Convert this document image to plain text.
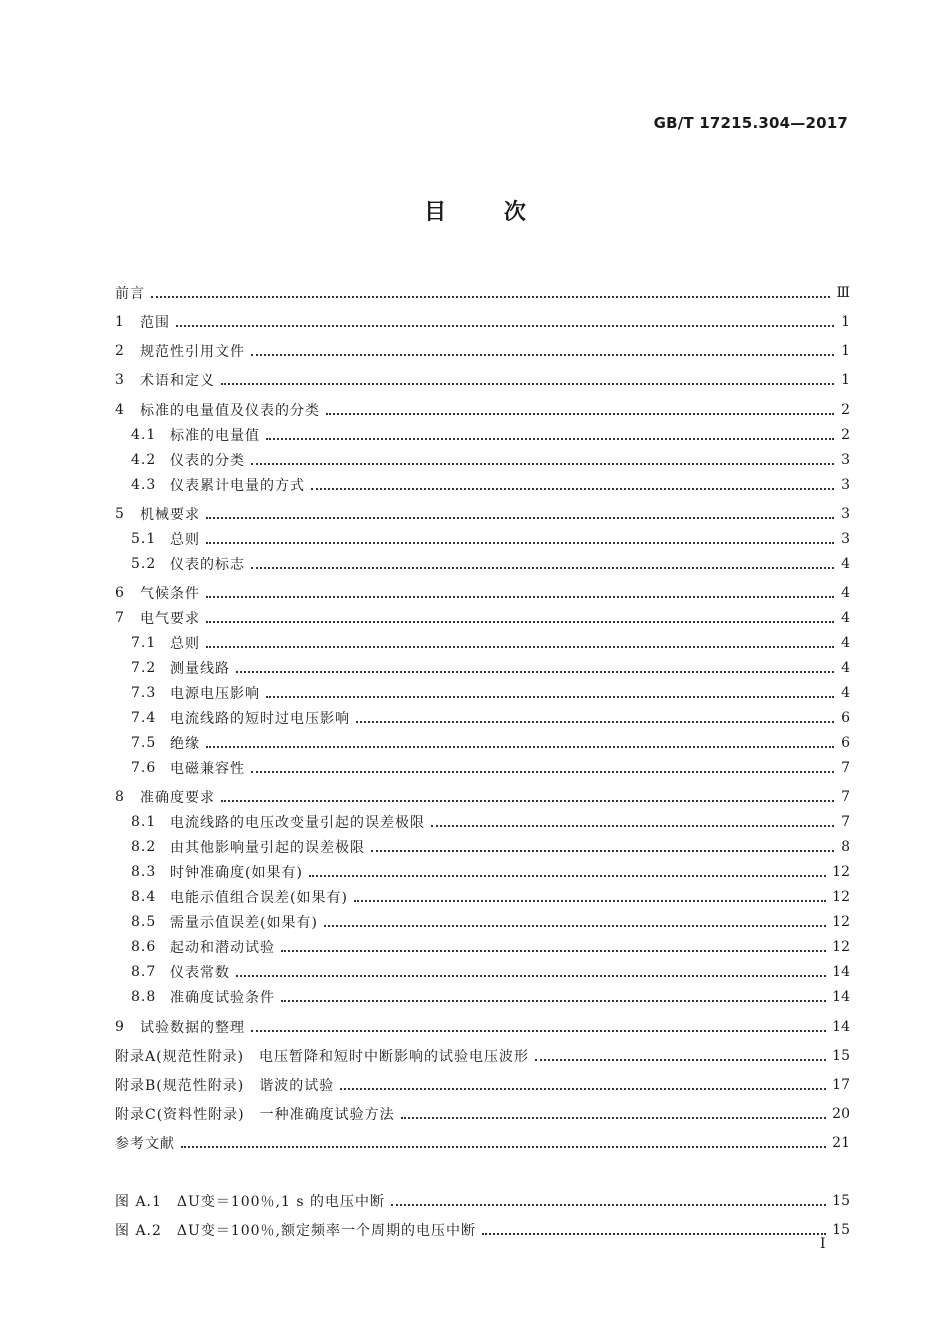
GB/T 17215.304—2017
目 次
前言	Ⅲ
1	范围	1
2	规范性引用文件	1
3	术语和定义	1
4	标准的电量值及仪表的分类	2
4.1 标准的电量值	2
4.2 仪表的分类	3
4.3 仪表累计电量的方式	3
5	机械要求	3
5.1 总则	3
5.2 仪表的标志	4
6	气候条件	4
7	电气要求	4
7.1 总则	4
7.2 测量线路	4
7.3 电源电压影响	4
7.4 电流线路的短时过电压影响	6
7.5 绝缘	6
7.6 电磁兼容性	7
8	准确度要求	7
8.1 电流线路的电压改变量引起的误差极限	7
8.2 由其他影响量引起的误差极限	8
8.3 时钟准确度(如果有)	12
8.4 电能示值组合误差(如果有)	12
8.5 需量示值误差(如果有)	12
8.6 起动和潜动试验	12
8.7 仪表常数	14
8.8 准确度试验条件	14
9	试验数据的整理	14
附录A(规范性附录)　电压暂降和短时中断影响的试验电压波形	15
附录B(规范性附录)　谐波的试验	17
附录C(资料性附录)　一种准确度试验方法	20
参考文献	21
图 A.1　ΔU变＝100％,1 s 的电压中断	15
图 A.2　ΔU变＝100％,额定频率一个周期的电压中断	15
Ⅰ
